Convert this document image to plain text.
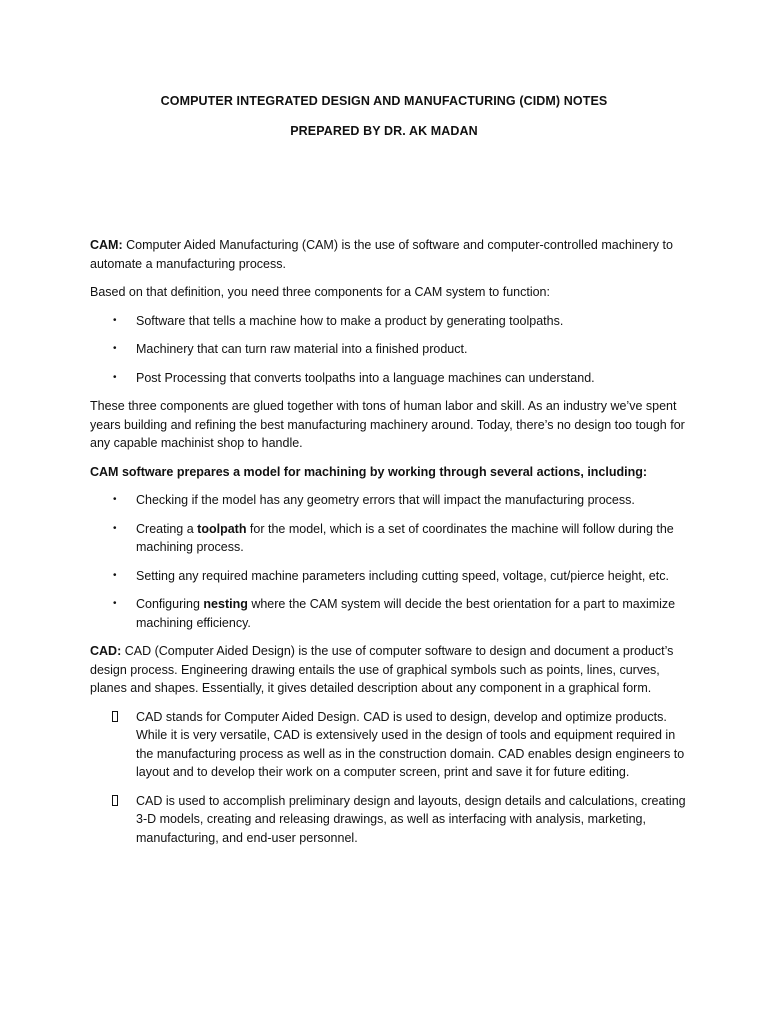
COMPUTER INTEGRATED DESIGN AND MANUFACTURING (CIDM) NOTES

PREPARED BY DR. AK MADAN

CAM: Computer Aided Manufacturing (CAM) is the use of software and computer-controlled machinery to automate a manufacturing process.

Based on that definition, you need three components for a CAM system to function:

• Software that tells a machine how to make a product by generating toolpaths.
• Machinery that can turn raw material into a finished product.
• Post Processing that converts toolpaths into a language machines can understand.

These three components are glued together with tons of human labor and skill. As an industry we’ve spent years building and refining the best manufacturing machinery around. Today, there’s no design too tough for any capable machinist shop to handle.

CAM software prepares a model for machining by working through several actions, including:

• Checking if the model has any geometry errors that will impact the manufacturing process.
• Creating a toolpath for the model, which is a set of coordinates the machine will follow during the machining process.
• Setting any required machine parameters including cutting speed, voltage, cut/pierce height, etc.
• Configuring nesting where the CAM system will decide the best orientation for a part to maximize machining efficiency.

CAD: CAD (Computer Aided Design) is the use of computer software to design and document a product’s design process. Engineering drawing entails the use of graphical symbols such as points, lines, curves, planes and shapes. Essentially, it gives detailed description about any component in a graphical form.

CAD stands for Computer Aided Design. CAD is used to design, develop and optimize products. While it is very versatile, CAD is extensively used in the design of tools and equipment required in the manufacturing process as well as in the construction domain. CAD enables design engineers to layout and to develop their work on a computer screen, print and save it for future editing.
CAD is used to accomplish preliminary design and layouts, design details and calculations, creating 3-D models, creating and releasing drawings, as well as interfacing with analysis, marketing, manufacturing, and end-user personnel.
